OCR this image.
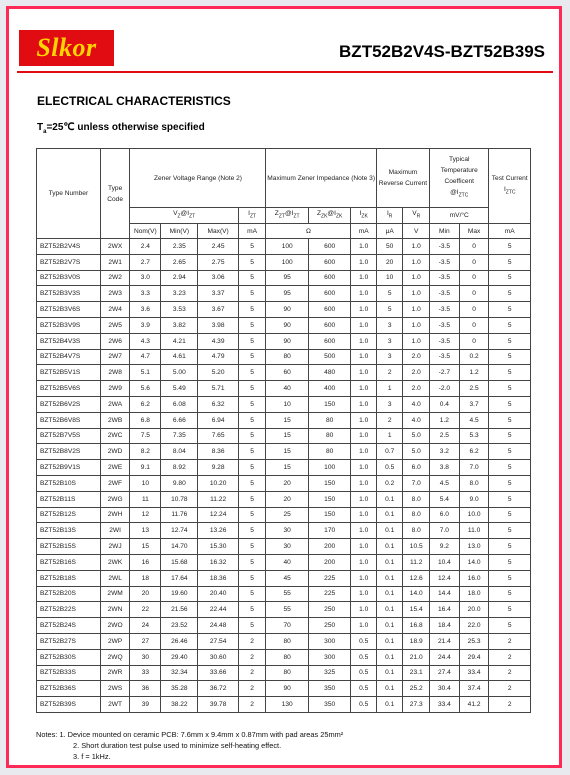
Slkor	BZT52B2V4S-BZT52B39S
ELECTRICAL CHARACTERISTICS
$T_a=25℃$ unless otherwise specified
Type Number	Type Code	Zener Voltage Range (Note 2)				Maximum Zener Impedance (Note 3)			Maximum Reverse Current		Typical Temperature Coefficent
$@I_{ZTC}$		Test Current
$I_{ZTC}$
		$V_Z@I_{ZT}$			$I_{ZT}$	$Z_{ZT}@I_{ZT}$	$Z_{ZK}@I_{ZK}$	$I_{ZK}$	$I_R$	$V_R$	mV/°C		
		Nom(V)	Min(V)	Max(V)	mA	Ω		mA	μA	V	Min	Max	mA
BZT52B2V4S	2WX	2.4	2.35	2.45	5	100	600	1.0	50	1.0	-3.5	0	5
BZT52B2V7S	2W1	2.7	2.65	2.75	5	100	600	1.0	20	1.0	-3.5	0	5
BZT52B3V0S	2W2	3.0	2.94	3.06	5	95	600	1.0	10	1.0	-3.5	0	5
BZT52B3V3S	2W3	3.3	3.23	3.37	5	95	600	1.0	5	1.0	-3.5	0	5
BZT52B3V6S	2W4	3.6	3.53	3.67	5	90	600	1.0	5	1.0	-3.5	0	5
BZT52B3V9S	2W5	3.9	3.82	3.98	5	90	600	1.0	3	1.0	-3.5	0	5
BZT52B4V3S	2W6	4.3	4.21	4.39	5	90	600	1.0	3	1.0	-3.5	0	5
BZT52B4V7S	2W7	4.7	4.61	4.79	5	80	500	1.0	3	2.0	-3.5	0.2	5
BZT52B5V1S	2W8	5.1	5.00	5.20	5	60	480	1.0	2	2.0	-2.7	1.2	5
BZT52B5V6S	2W9	5.6	5.49	5.71	5	40	400	1.0	1	2.0	-2.0	2.5	5
BZT52B6V2S	2WA	6.2	6.08	6.32	5	10	150	1.0	3	4.0	0.4	3.7	5
BZT52B6V8S	2WB	6.8	6.66	6.94	5	15	80	1.0	2	4.0	1.2	4.5	5
BZT52B7V5S	2WC	7.5	7.35	7.65	5	15	80	1.0	1	5.0	2.5	5.3	5
BZT52B8V2S	2WD	8.2	8.04	8.36	5	15	80	1.0	0.7	5.0	3.2	6.2	5
BZT52B9V1S	2WE	9.1	8.92	9.28	5	15	100	1.0	0.5	6.0	3.8	7.0	5
BZT52B10S	2WF	10	9.80	10.20	5	20	150	1.0	0.2	7.0	4.5	8.0	5
BZT52B11S	2WG	11	10.78	11.22	5	20	150	1.0	0.1	8.0	5.4	9.0	5
BZT52B12S	2WH	12	11.76	12.24	5	25	150	1.0	0.1	8.0	6.0	10.0	5
BZT52B13S	2WI	13	12.74	13.26	5	30	170	1.0	0.1	8.0	7.0	11.0	5
BZT52B15S	2WJ	15	14.70	15.30	5	30	200	1.0	0.1	10.5	9.2	13.0	5
BZT52B16S	2WK	16	15.68	16.32	5	40	200	1.0	0.1	11.2	10.4	14.0	5
BZT52B18S	2WL	18	17.64	18.36	5	45	225	1.0	0.1	12.6	12.4	16.0	5
BZT52B20S	2WM	20	19.60	20.40	5	55	225	1.0	0.1	14.0	14.4	18.0	5
BZT52B22S	2WN	22	21.56	22.44	5	55	250	1.0	0.1	15.4	16.4	20.0	5
BZT52B24S	2WO	24	23.52	24.48	5	70	250	1.0	0.1	16.8	18.4	22.0	5
BZT52B27S	2WP	27	26.46	27.54	2	80	300	0.5	0.1	18.9	21.4	25.3	2
BZT52B30S	2WQ	30	29.40	30.60	2	80	300	0.5	0.1	21.0	24.4	29.4	2
BZT52B33S	2WR	33	32.34	33.66	2	80	325	0.5	0.1	23.1	27.4	33.4	2
BZT52B36S	2WS	36	35.28	36.72	2	90	350	0.5	0.1	25.2	30.4	37.4	2
BZT52B39S	2WT	39	38.22	39.78	2	130	350	0.5	0.1	27.3	33.4	41.2	2
Notes: 1. Device mounted on ceramic PCB: 7.6mm x 9.4mm x 0.87mm with pad areas 25mm²
2. Short duration test pulse used to minimize self-heating effect.
3. f = 1kHz.
